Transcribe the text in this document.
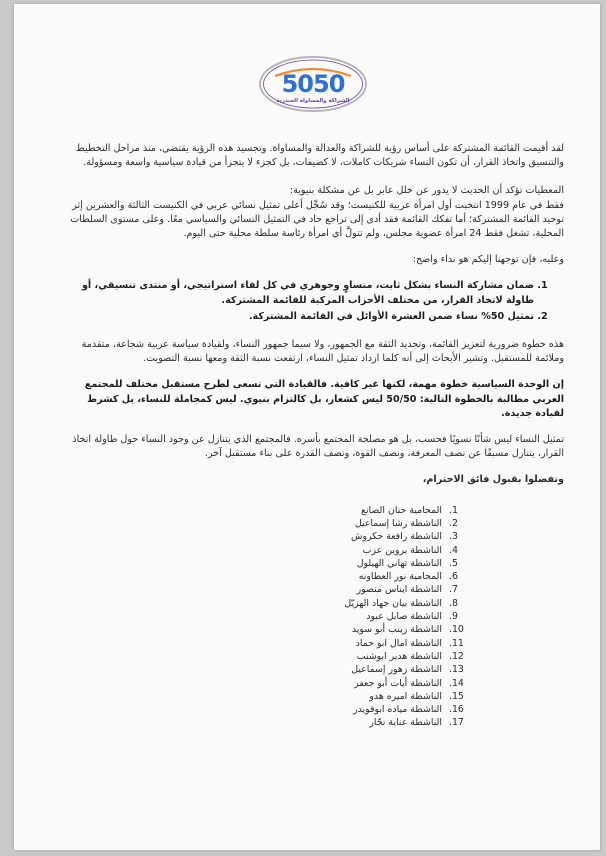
5050
الشراكة والمساواة الجندرية

لقد أقيمت القائمة المشتركة على أساس رؤية للشراكة والعدالة والمساواة. وتجسيد هذه الرؤية يقتضي، منذ مراحل التخطيط والتنسيق واتخاذ القرار، أن تكون النساء شريكات كاملات، لا كضيفات، بل كجزء لا يتجزأ من قيادة سياسية واسعة ومسؤولة.

المعطيات تؤكد أن الحديث لا يدور عن خلل عابر بل عن مشكلة بنيوية:

فقط في عام 1999 انتخبت أول امرأة عربية للكنيست؛ وقد سُجِّل أعلى تمثيل نسائي عربي في الكنيست الثالثة والعشرين إثر توحيد القائمة المشتركة؛ أما تفكك القائمة فقد أدى إلى تراجع حاد في التمثيل النسائي والسياسي معًا. وعلى مستوى السلطات المحلية، تشغل فقط 24 امرأة عضوية مجلس، ولم تتولَّ أي امرأة رئاسة سلطة محلية حتى اليوم.

وعليه، فإن توجهنا إليكم هو نداء واضح:

1. ضمان مشاركة النساء بشكل ثابت، متساوٍ وجوهري في كل لقاء استراتيجي، أو منتدى تنسيقي، أو طاولة لاتخاذ القرار، من مختلف الأحزاب المركبة للقائمة المشتركة.
2. تمثيل 50% نساء ضمن العشرة الأوائل في القائمة المشتركة.

هذه خطوة ضرورية لتعزيز القائمة، وتجديد الثقة مع الجمهور، ولا سيما جمهور النساء، ولقيادة سياسة عربية شجاعة، متقدمة وملائمة للمستقبل. وتشير الأبحاث إلى أنه كلما ازداد تمثيل النساء، ارتفعت نسبة الثقة ومعها نسبة التصويت.

إن الوحدة السياسية خطوة مهمة، لكنها غير كافية. فالقيادة التي تسعى لطرح مستقبل مختلف للمجتمع العربي مطالبة بالخطوة التالية: 50/50 ليس كشعار، بل كالتزام بنيوي. ليس كمجاملة للنساء، بل كشرط لقيادة جديدة.

تمثيل النساء ليس شأنًا نسويًا فحسب، بل هو مصلحة المجتمع بأسره. فالمجتمع الذي يتنازل عن وجود النساء حول طاولة اتخاذ القرار، يتنازل مسبقًا عن نصف المعرفة، ونصف القوة، ونصف القدرة على بناء مستقبل آخر.

وتفضلوا بقبول فائق الاحترام،

1. المحامية حنان الصانع
2. الناشطة رشا إسماعيل
3. الناشطة رافعة حكروش
4. الناشطة بروين عزب
5. الناشطة تهاني الهيلول
6. المحامية نور العطاونه
7. الناشطة ايناس منصور
8. الناشطة بيان جهاد الهزيّل
9. الناشطة صابل عبود
10. الناشطة زينب أبو سويد
11. الناشطة امال ابو حماد
12. الناشطة هدير ابوشنب
13. الناشطة زهور إسماعيل
14. الناشطة أيات أبو جعفر
15. الناشطة اميره هدو
16. الناشطة مياده ابوقويدر
17. الناشطة عناية نجّار
